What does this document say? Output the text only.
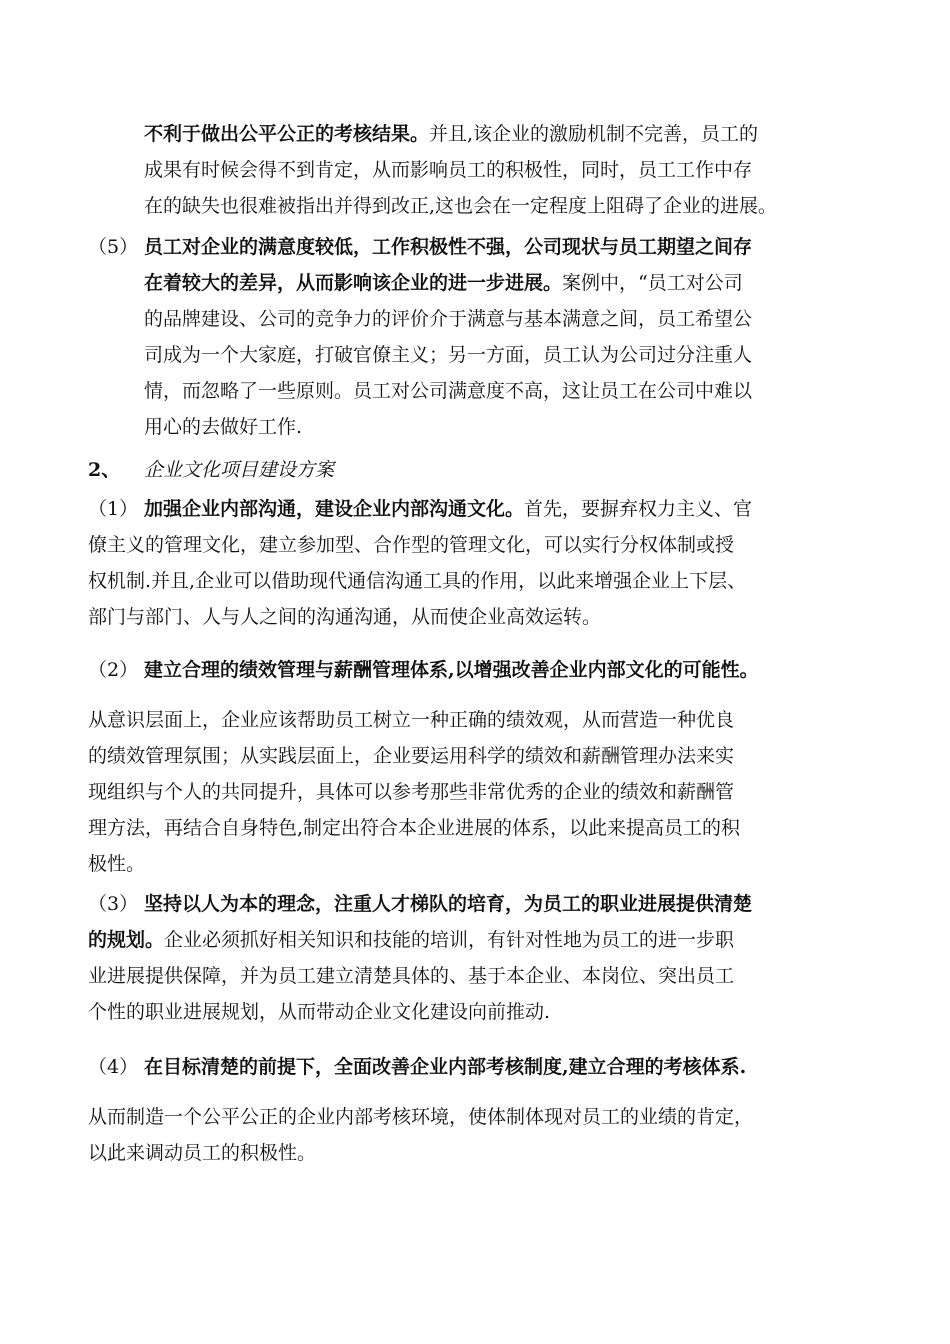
不利于做出公平公正的考核结果。并且,该企业的激励机制不完善，员工的
成果有时候会得不到肯定，从而影响员工的积极性，同时，员工工作中存
在的缺失也很难被指出并得到改正,这也会在一定程度上阻碍了企业的进展。
（5） 员工对企业的满意度较低，工作积极性不强，公司现状与员工期望之间存
在着较大的差异，从而影响该企业的进一步进展。案例中，“员工对公司
的品牌建设、公司的竞争力的评价介于满意与基本满意之间，员工希望公
司成为一个大家庭，打破官僚主义；另一方面，员工认为公司过分注重人
情，而忽略了一些原则。员工对公司满意度不高，这让员工在公司中难以
用心的去做好工作.
2、 企业文化项目建设方案
（1） 加强企业内部沟通，建设企业内部沟通文化。首先，要摒弃权力主义、官
僚主义的管理文化，建立参加型、合作型的管理文化，可以实行分权体制或授
权机制.并且,企业可以借助现代通信沟通工具的作用，以此来增强企业上下层、
部门与部门、人与人之间的沟通沟通，从而使企业高效运转。
（2） 建立合理的绩效管理与薪酬管理体系,以增强改善企业内部文化的可能性。
从意识层面上，企业应该帮助员工树立一种正确的绩效观，从而营造一种优良
的绩效管理氛围；从实践层面上，企业要运用科学的绩效和薪酬管理办法来实
现组织与个人的共同提升，具体可以参考那些非常优秀的企业的绩效和薪酬管
理方法，再结合自身特色,制定出符合本企业进展的体系，以此来提高员工的积
极性。
（3） 坚持以人为本的理念，注重人才梯队的培育，为员工的职业进展提供清楚
的规划。企业必须抓好相关知识和技能的培训，有针对性地为员工的进一步职
业进展提供保障，并为员工建立清楚具体的、基于本企业、本岗位、突出员工
个性的职业进展规划，从而带动企业文化建设向前推动.
（4） 在目标清楚的前提下，全面改善企业内部考核制度,建立合理的考核体系.
从而制造一个公平公正的企业内部考核环境，使体制体现对员工的业绩的肯定，
以此来调动员工的积极性。
